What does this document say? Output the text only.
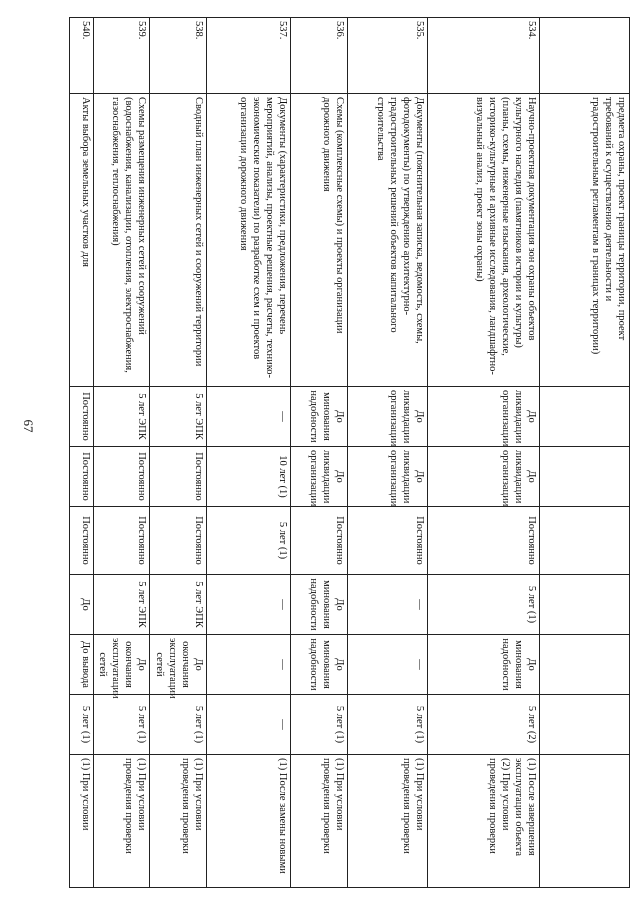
67
	предмета охраны, проект границы территории, проект требований к осуществлению деятельности и градостроительным регламентам в границах территории)							
534.	Научно-проектная документация зон охраны объектов культурного наследия (памятников истории и культуры) (планы, схемы, инженерные изыскания, археологические, историко-культурные и архивные исследования, ландшафтно-визуальный анализ, проект зоны охраны)	До ликвидации организации	До ликвидации организации	Постоянно	5 лет (1)	До минования надобности	5 лет (2)	(1) После завершения эксплуатации объекта
(2) При условии проведения проверки
535.	Документы (пояснительная записка, ведомость, схемы, фотодокументы) по утверждению архитектурно-градостроительных решений объектов капитального строительства	До ликвидации организации	До ликвидации организации	Постоянно	—	—	5 лет (1)	(1) При условии проведения проверки
536.	Схемы (комплексные схемы) и проекты организации дорожного движения	До минования надобности	До ликвидации организации	Постоянно	До минования надобности	До минования надобности	5 лет (1)	(1) При условии проведения проверки
537.	Документы (характеристики, предложения, перечень мероприятий, анализы, проектные решения, расчеты, технико-экономические показатели) по разработке схем и проектов организации дорожного движения	—	10 лет (1)	5 лет (1)	—	—	—	(1) После замены новыми
538.	Сводный план инженерных сетей и сооружений территории	5 лет ЭПК	Постоянно	Постоянно	5 лет ЭПК	До окончания эксплуатации сетей	5 лет (1)	(1) При условии проведения проверки
539.	Схемы размещения инженерных сетей и сооружений (водоснабжения, канализации, отопления, электроснабжения, газоснабжения, теплоснабжения)	5 лет ЭПК	Постоянно	Постоянно	5 лет ЭПК	До окончания эксплуатации сетей	5 лет (1)	(1) При условии проведения проверки
540.	Акты выбора земельных участков для	Постоянно	Постоянно	Постоянно	До	До вывода	5 лет (1)	(1) При условии
